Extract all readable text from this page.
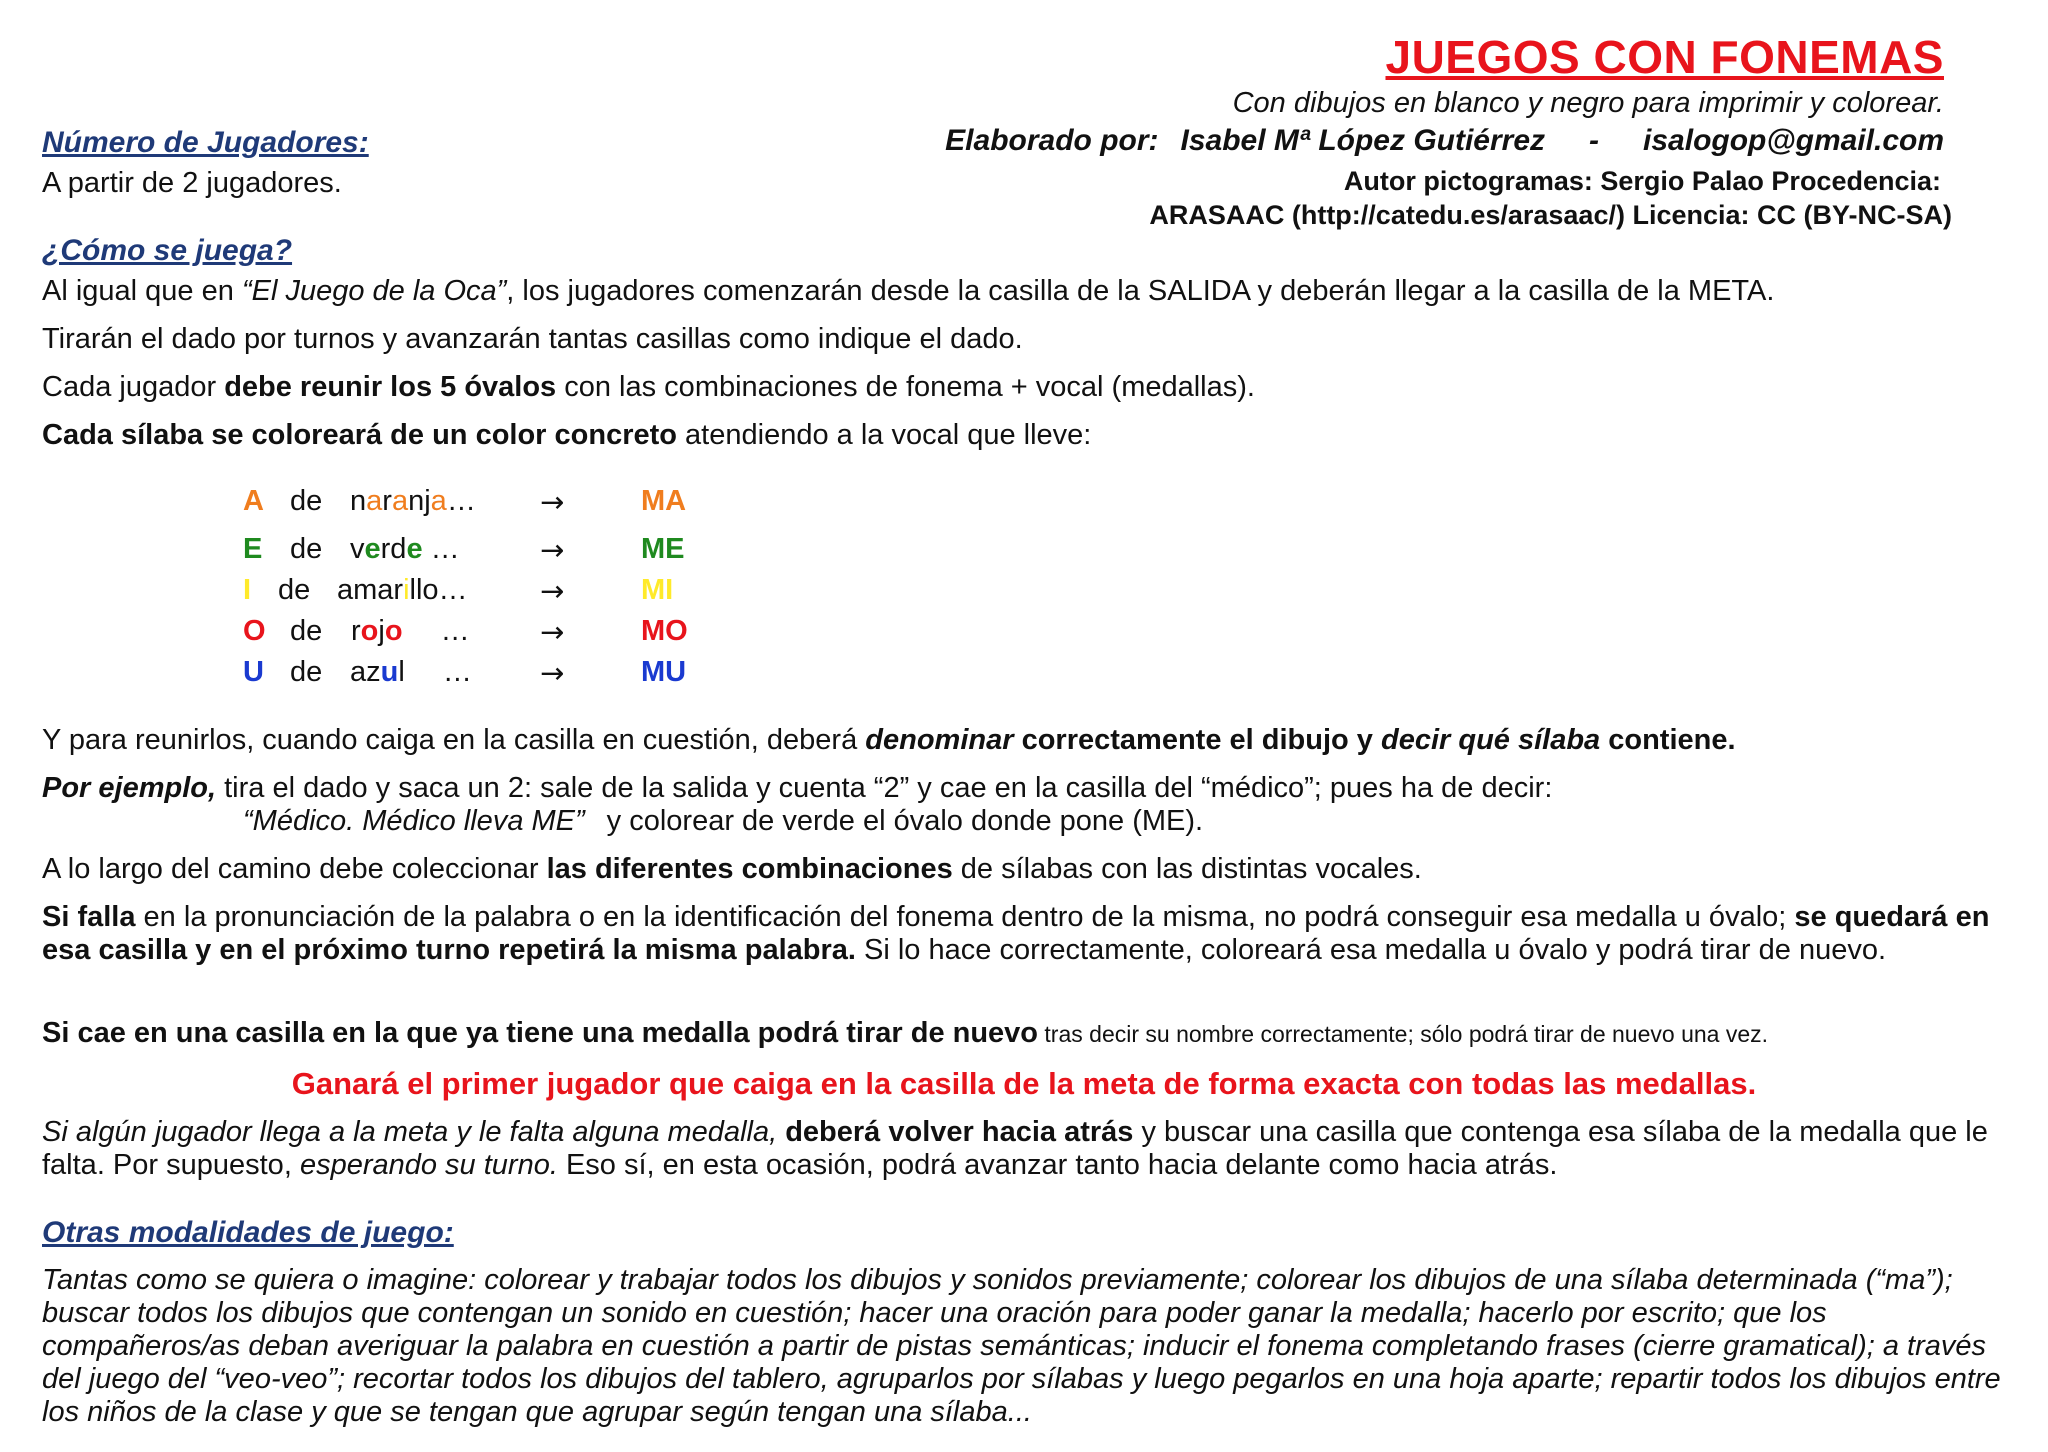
JUEGOS CON FONEMAS
Con dibujos en blanco y negro para imprimir y colorear.
Elaborado por: Isabel Mª López Gutiérrez - isalogop@gmail.com
Autor pictogramas: Sergio Palao Procedencia:
ARASAAC (http://catedu.es/arasaac/) Licencia: CC (BY-NC-SA)
Número de Jugadores:
A partir de 2 jugadores.
¿Cómo se juega?
Al igual que en “El Juego de la Oca”, los jugadores comenzarán desde la casilla de la SALIDA y deberán llegar a la casilla de la META.
Tirarán el dado por turnos y avanzarán tantas casillas como indique el dado.
Cada jugador debe reunir los 5 óvalos con las combinaciones de fonema + vocal (medallas).
Cada sílaba se coloreará de un color concreto atendiendo a la vocal que lleve:
A de naranja… →	MA
E de verde …	→	ME
I de amarillo… →	MI
O de rojo … →	MO
U de azul … →	MU
Y para reunirlos, cuando caiga en la casilla en cuestión, deberá denominar correctamente el dibujo y decir qué sílaba contiene.
Por ejemplo, tira el dado y saca un 2: sale de la salida y cuenta “2” y cae en la casilla del “médico”; pues ha de decir:
“Médico. Médico lleva ME” y colorear de verde el óvalo donde pone (ME).
A lo largo del camino debe coleccionar las diferentes combinaciones de sílabas con las distintas vocales.
Si falla en la pronunciación de la palabra o en la identificación del fonema dentro de la misma, no podrá conseguir esa medalla u óvalo; se quedará en esa casilla y en el próximo turno repetirá la misma palabra. Si lo hace correctamente, coloreará esa medalla u óvalo y podrá tirar de nuevo.
Si cae en una casilla en la que ya tiene una medalla podrá tirar de nuevo tras decir su nombre correctamente; sólo podrá tirar de nuevo una vez.
Ganará el primer jugador que caiga en la casilla de la meta de forma exacta con todas las medallas.
Si algún jugador llega a la meta y le falta alguna medalla, deberá volver hacia atrás y buscar una casilla que contenga esa sílaba de la medalla que le falta. Por supuesto, esperando su turno. Eso sí, en esta ocasión, podrá avanzar tanto hacia delante como hacia atrás.
Otras modalidades de juego:
Tantas como se quiera o imagine: colorear y trabajar todos los dibujos y sonidos previamente; colorear los dibujos de una sílaba determinada (“ma”); buscar todos los dibujos que contengan un sonido en cuestión; hacer una oración para poder ganar la medalla; hacerlo por escrito; que los compañeros/as deban averiguar la palabra en cuestión a partir de pistas semánticas; inducir el fonema completando frases (cierre gramatical); a través del juego del “veo-veo”; recortar todos los dibujos del tablero, agruparlos por sílabas y luego pegarlos en una hoja aparte; repartir todos los dibujos entre los niños de la clase y que se tengan que agrupar según tengan una sílaba...
